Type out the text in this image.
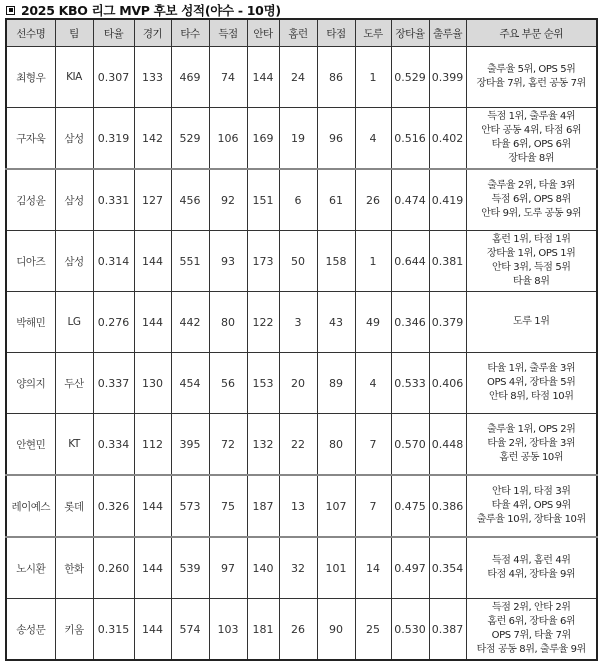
2025 KBO 리그 MVP 후보 성적(야수 - 10명)
선수명	팀	타율	경기	타수	득점	안타	홈런	타점	도루	장타율	출루율	주요 부문 순위
최형우	KIA	0.307	133	469	74	144	24	86	1	0.529	0.399	출루율 5위, OPS 5위
장타율 7위, 홈런 공동 7위

구자욱	삼성	0.319	142	529	106	169	19	96	4	0.516	0.402	득점 1위, 출루율 4위
안타 공동 4위, 타점 6위
타율 6위, OPS 6위
장타율 8위

김성윤	삼성	0.331	127	456	92	151	6	61	26	0.474	0.419	출루율 2위, 타율 3위
득점 6위, OPS 8위
안타 9위, 도루 공동 9위

디아즈	삼성	0.314	144	551	93	173	50	158	1	0.644	0.381	홈런 1위, 타점 1위
장타율 1위, OPS 1위
안타 3위, 득점 5위
타율 8위

박해민	LG	0.276	144	442	80	122	3	43	49	0.346	0.379	도루 1위

양의지	두산	0.337	130	454	56	153	20	89	4	0.533	0.406	타율 1위, 출루율 3위
OPS 4위, 장타율 5위
안타 8위, 타점 10위

안현민	KT	0.334	112	395	72	132	22	80	7	0.570	0.448	출루율 1위, OPS 2위
타율 2위, 장타율 3위
홈런 공동 10위

레이예스	롯데	0.326	144	573	75	187	13	107	7	0.475	0.386	안타 1위, 타점 3위
타율 4위, OPS 9위
출루율 10위, 장타율 10위

노시환	한화	0.260	144	539	97	140	32	101	14	0.497	0.354	득점 4위, 홈런 4위
타점 4위, 장타율 9위

송성문	키움	0.315	144	574	103	181	26	90	25	0.530	0.387	득점 2위, 안타 2위
홈런 6위, 장타율 6위
OPS 7위, 타율 7위
타점 공동 8위, 출루율 9위
